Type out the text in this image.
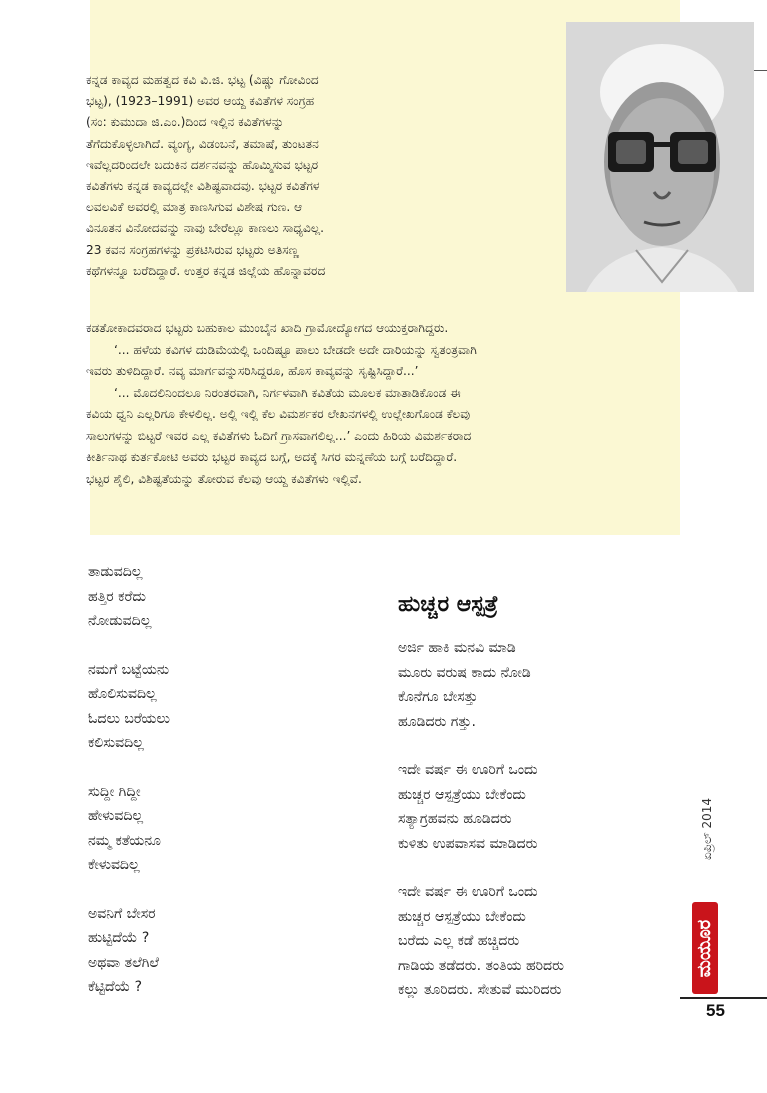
ಕನ್ನಡ ಕಾವ್ಯದ ಮಹತ್ವದ ಕವಿ ವಿ.ಜಿ. ಭಟ್ಟ (ವಿಷ್ಣು ಗೋವಿಂದ
ಭಟ್ಟ), (1923–1991) ಅವರ ಆಯ್ದ ಕವಿತೆಗಳ ಸಂಗ್ರಹ
(ಸಂ: ಕುಮುದಾ ಜಿ.ಎಂ.)ದಿಂದ ಇಲ್ಲಿನ ಕವಿತೆಗಳನ್ನು
ತೆಗೆದುಕೊಳ್ಳಲಾಗಿದೆ. ವ್ಯಂಗ್ಯ, ವಿಡಂಬನೆ, ತಮಾಷೆ, ತುಂಟತನ
ಇವೆಲ್ಲದರಿಂದಲೇ ಬದುಕಿನ ದರ್ಶನವನ್ನು ಹೊಮ್ಮಿಸುವ ಭಟ್ಟರ
ಕವಿತೆಗಳು ಕನ್ನಡ ಕಾವ್ಯದಲ್ಲೇ ವಿಶಿಷ್ಟವಾದವು. ಭಟ್ಟರ ಕವಿತೆಗಳ
ಲವಲವಿಕೆ ಅವರಲ್ಲಿ ಮಾತ್ರ ಕಾಣಸಿಗುವ ವಿಶೇಷ ಗುಣ. ಆ
ವಿನೂತನ ವಿನೋದವನ್ನು ನಾವು ಬೇರೆಲ್ಲೂ ಕಾಣಲು ಸಾಧ್ಯವಿಲ್ಲ.
23 ಕವನ ಸಂಗ್ರಹಗಳನ್ನು ಪ್ರಕಟಿಸಿರುವ ಭಟ್ಟರು ಅತಿಸಣ್ಣ
ಕಥೆಗಳನ್ನೂ ಬರೆದಿದ್ದಾರೆ. ಉತ್ತರ ಕನ್ನಡ ಜಿಲ್ಲೆಯ ಹೊನ್ನಾವರದ
ಕಡತೋಕಾದವರಾದ ಭಟ್ಟರು ಬಹುಕಾಲ ಮುಂಬೈನ ಖಾದಿ ಗ್ರಾಮೋದ್ಯೋಗದ ಆಯುಕ್ತರಾಗಿದ್ದರು.
‘... ಹಳೆಯ ಕವಿಗಳ ದುಡಿಮೆಯಲ್ಲಿ ಒಂದಿಷ್ಟೂ ಪಾಲು ಬೇಡದೇ ಅದೇ ದಾರಿಯನ್ನು ಸ್ವತಂತ್ರವಾಗಿ
ಇವರು ತುಳಿದಿದ್ದಾರೆ. ನವ್ಯ ಮಾರ್ಗವನ್ನುಸರಿಸಿದ್ದರೂ, ಹೊಸ ಕಾವ್ಯವನ್ನು ಸೃಷ್ಟಿಸಿದ್ದಾರೆ...’
‘... ಮೊದಲಿನಿಂದಲೂ ನಿರಂತರವಾಗಿ, ನಿರ್ಗಳವಾಗಿ ಕವಿತೆಯ ಮೂಲಕ ಮಾತಾಡಿಕೊಂಡ ಈ
ಕವಿಯ ಧ್ವನಿ ಎಲ್ಲರಿಗೂ ಕೇಳಲಿಲ್ಲ. ಅಲ್ಲಿ ಇಲ್ಲಿ ಕೆಲ ವಿಮರ್ಶಕರ ಲೇಖನಗಳಲ್ಲಿ ಉಲ್ಲೇಖಗೊಂಡ ಕೆಲವು
ಸಾಲುಗಳನ್ನು ಬಿಟ್ಟರೆ ಇವರ ಎಲ್ಲ ಕವಿತೆಗಳು ಓದಿಗೆ ಗ್ರಾಸವಾಗಲಿಲ್ಲ...’ ಎಂದು ಹಿರಿಯ ವಿಮರ್ಶಕರಾದ
ಕೀರ್ತಿನಾಥ ಕುರ್ತಕೋಟಿ ಅವರು ಭಟ್ಟರ ಕಾವ್ಯದ ಬಗ್ಗೆ, ಅದಕ್ಕೆ ಸಿಗರ ಮನ್ನಣೆಯ ಬಗ್ಗೆ ಬರೆದಿದ್ದಾರೆ.
ಭಟ್ಟರ ಶೈಲಿ, ವಿಶಿಷ್ಟತೆಯನ್ನು ತೋರುವ ಕೆಲವು ಆಯ್ದ ಕವಿತೆಗಳು ಇಲ್ಲಿವೆ.
ತಾಡುವದಿಲ್ಲ
ಹತ್ತಿರ ಕರೆದು
ನೋಡುವದಿಲ್ಲ
ನಮಗೆ ಬಟ್ಟೆಯನು
ಹೊಲಿಸುವದಿಲ್ಲ
ಓದಲು ಬರೆಯಲು
ಕಲಿಸುವದಿಲ್ಲ
ಸುದ್ದೀ ಗಿದ್ದೀ
ಹೇಳುವದಿಲ್ಲ
ನಮ್ಮ ಕತೆಯನೂ
ಕೇಳುವದಿಲ್ಲ
ಅವನಿಗೆ ಬೇಸರ
ಹುಟ್ಟಿದೆಯೆ ?
ಅಥವಾ ತಲೆಗಿಲೆ
ಕೆಟ್ಟಿದೆಯೆ ?
ಹುಚ್ಚರ ಆಸ್ಪತ್ರೆ
ಅರ್ಜಿ ಹಾಕಿ ಮನವಿ ಮಾಡಿ
ಮೂರು ವರುಷ ಕಾದು ನೋಡಿ
ಕೊನೆಗೂ ಬೇಸತ್ತು
ಹೂಡಿದರು ಗತ್ತು.
ಇದೇ ವರ್ಷ ಈ ಊರಿಗೆ ಒಂದು
ಹುಚ್ಚರ ಆಸ್ಪತ್ರೆಯು ಬೇಕೆಂದು
ಸತ್ಯಾಗ್ರಹವನು ಹೂಡಿದರು
ಕುಳಿತು ಉಪವಾಸವ ಮಾಡಿದರು
ಇದೇ ವರ್ಷ ಈ ಊರಿಗೆ ಒಂದು
ಹುಚ್ಚರ ಆಸ್ಪತ್ರೆಯು ಬೇಕೆಂದು
ಬರೆದು ಎಲ್ಲ ಕಡೆ ಹಚ್ಚಿದರು
ಗಾಡಿಯ ತಡೆದರು. ತಂತಿಯ ಹರಿದರು
ಕಲ್ಲು ತೂರಿದರು. ಸೇತುವೆ ಮುರಿದರು
ಏಪ್ರಿಲ್ 2014
ಮಯೂರ
55
